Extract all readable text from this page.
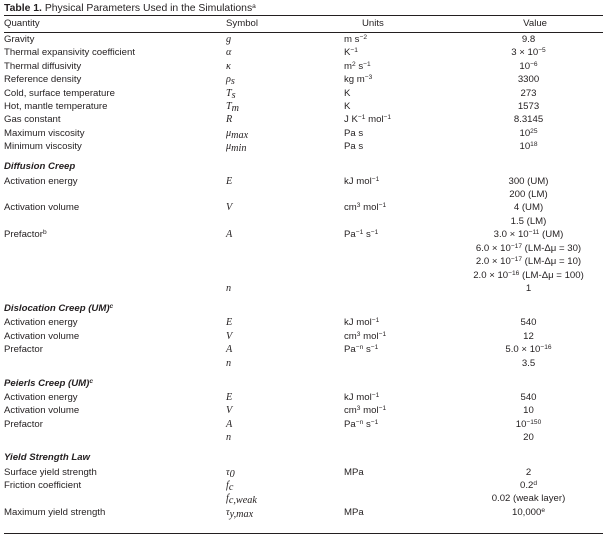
Table 1. Physical Parameters Used in the Simulations$^a$
Quantity	Symbol	Units	Value

Gravity	g	m $s^{-2}$	9.8
Thermal expansivity coefficient	α	$K^{-1}$	$3 \times 10^{-5}$
Thermal diffusivity	κ	$m^2$ $s^{-1}$	$10^{-6}$
Reference density	$\rho_s$	kg $m^{-3}$	3300
Cold, surface temperature	$T_s$	K	273
Hot, mantle temperature	$T_m$	K	1573
Gas constant	R	J $K^{-1}$ mol$^{-1}$	8.3145
Maximum viscosity	$\mu_{max}$	Pa s	$10^{25}$
Minimum viscosity	$\mu_{min}$	Pa s	$10^{18}$
Diffusion Creep			
Activation energy	E	kJ mol$^{-1}$	300 (UM)
			200 (LM)
Activation volume	V	$cm^3$ mol$^{-1}$	4 (UM)
			1.5 (LM)
Prefactor$^b$	A	$Pa^{-1}$ $s^{-1}$	$3.0 \times 10^{-11}$ (UM)
			$6.0 \times 10^{-17}$ (LM-Δμ = 30)
			$2.0 \times 10^{-17}$ (LM-Δμ = 10)
			$2.0 \times 10^{-16}$ (LM-Δμ = 100)
	n		1
Dislocation Creep (UM)$^c$
Activation energy	E	kJ mol$^{-1}$	540
Activation volume	V	$cm^3$ mol$^{-1}$	12
Prefactor	A	$Pa^{-n}$ $s^{-1}$	$5.0 \times 10^{-16}$
	n		3.5
Peierls Creep (UM)$^c$
Activation energy	E	kJ mol$^{-1}$	540
Activation volume	V	$cm^3$ mol$^{-1}$	10
Prefactor	A	$Pa^{-n}$ $s^{-1}$	$10^{-150}$
	n		20
Yield Strength Law			
Surface yield strength	$\tau_0$	MPa	2
Friction coefficient	$f_c$		0.2$^d$
	$f_{c,weak}$		0.02 (weak layer)
Maximum yield strength	$\tau_{y,max}$	MPa	10,000e
